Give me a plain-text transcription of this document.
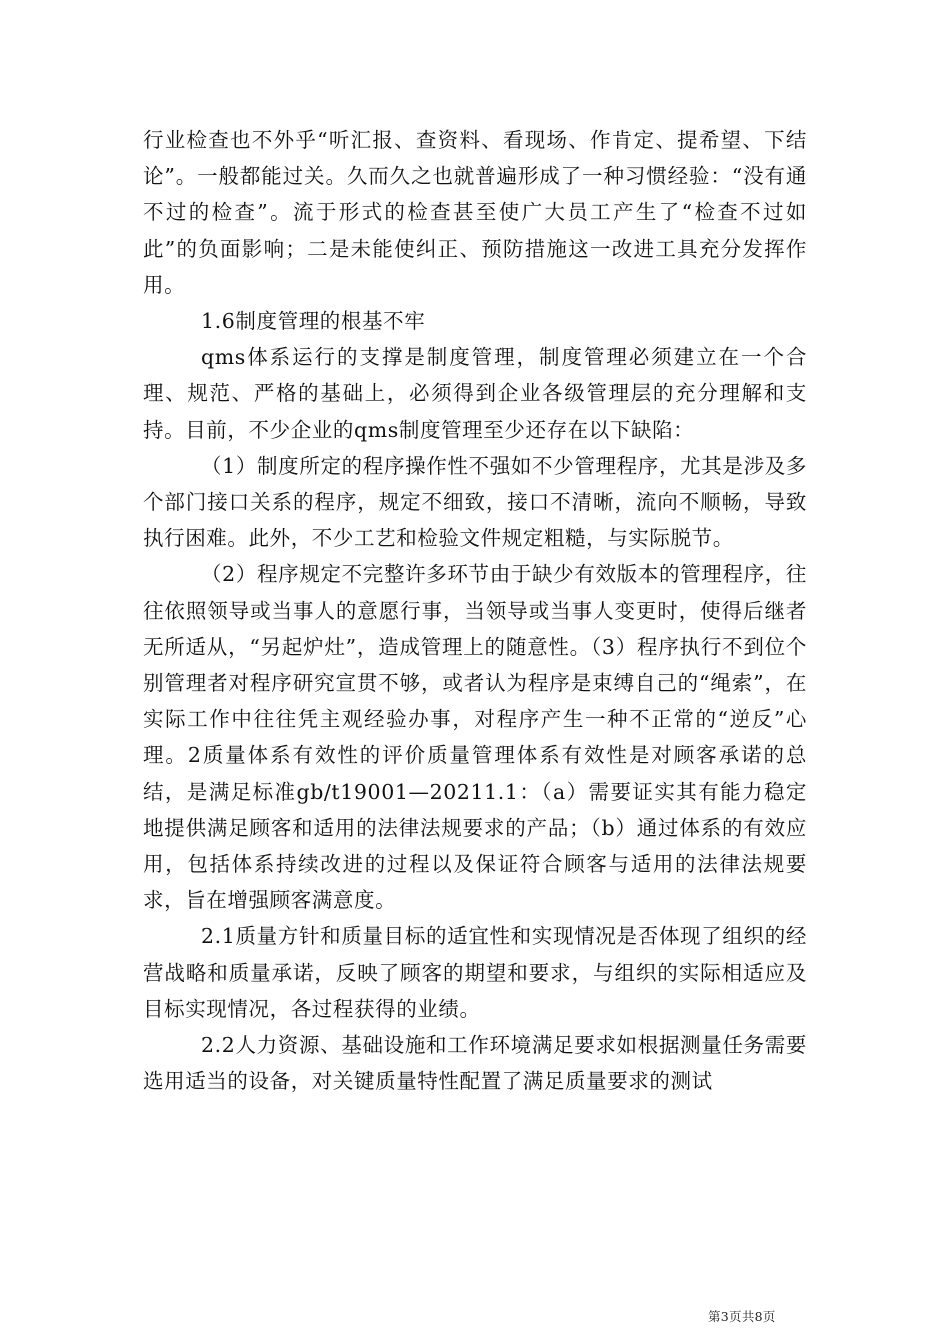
行业检查也不外乎“听汇报、查资料、看现场、作肯定、提希望、下结论”。一般都能过关。久而久之也就普遍形成了一种习惯经验：“没有通不过的检查”。流于形式的检查甚至使广大员工产生了“检查不过如此”的负面影响；二是未能使纠正、预防措施这一改进工具充分发挥作用。

1.6制度管理的根基不牢

qms体系运行的支撑是制度管理，制度管理必须建立在一个合理、规范、严格的基础上，必须得到企业各级管理层的充分理解和支持。目前，不少企业的qms制度管理至少还存在以下缺陷：

（1）制度所定的程序操作性不强如不少管理程序，尤其是涉及多个部门接口关系的程序，规定不细致，接口不清晰，流向不顺畅，导致执行困难。此外，不少工艺和检验文件规定粗糙，与实际脱节。

（2）程序规定不完整许多环节由于缺少有效版本的管理程序，往往依照领导或当事人的意愿行事，当领导或当事人变更时，使得后继者无所适从，“另起炉灶”，造成管理上的随意性。（3）程序执行不到位个别管理者对程序研究宣贯不够，或者认为程序是束缚自己的“绳索”，在实际工作中往往凭主观经验办事，对程序产生一种不正常的“逆反”心理。2质量体系有效性的评价质量管理体系有效性是对顾客承诺的总结，是满足标准gb/t19001—20211.1：（a）需要证实其有能力稳定地提供满足顾客和适用的法律法规要求的产品；（b）通过体系的有效应用，包括体系持续改进的过程以及保证符合顾客与适用的法律法规要求，旨在增强顾客满意度。

2.1质量方针和质量目标的适宜性和实现情况是否体现了组织的经营战略和质量承诺，反映了顾客的期望和要求，与组织的实际相适应及目标实现情况，各过程获得的业绩。

2.2人力资源、基础设施和工作环境满足要求如根据测量任务需要选用适当的设备，对关键质量特性配置了满足质量要求的测试

第3页共8页
